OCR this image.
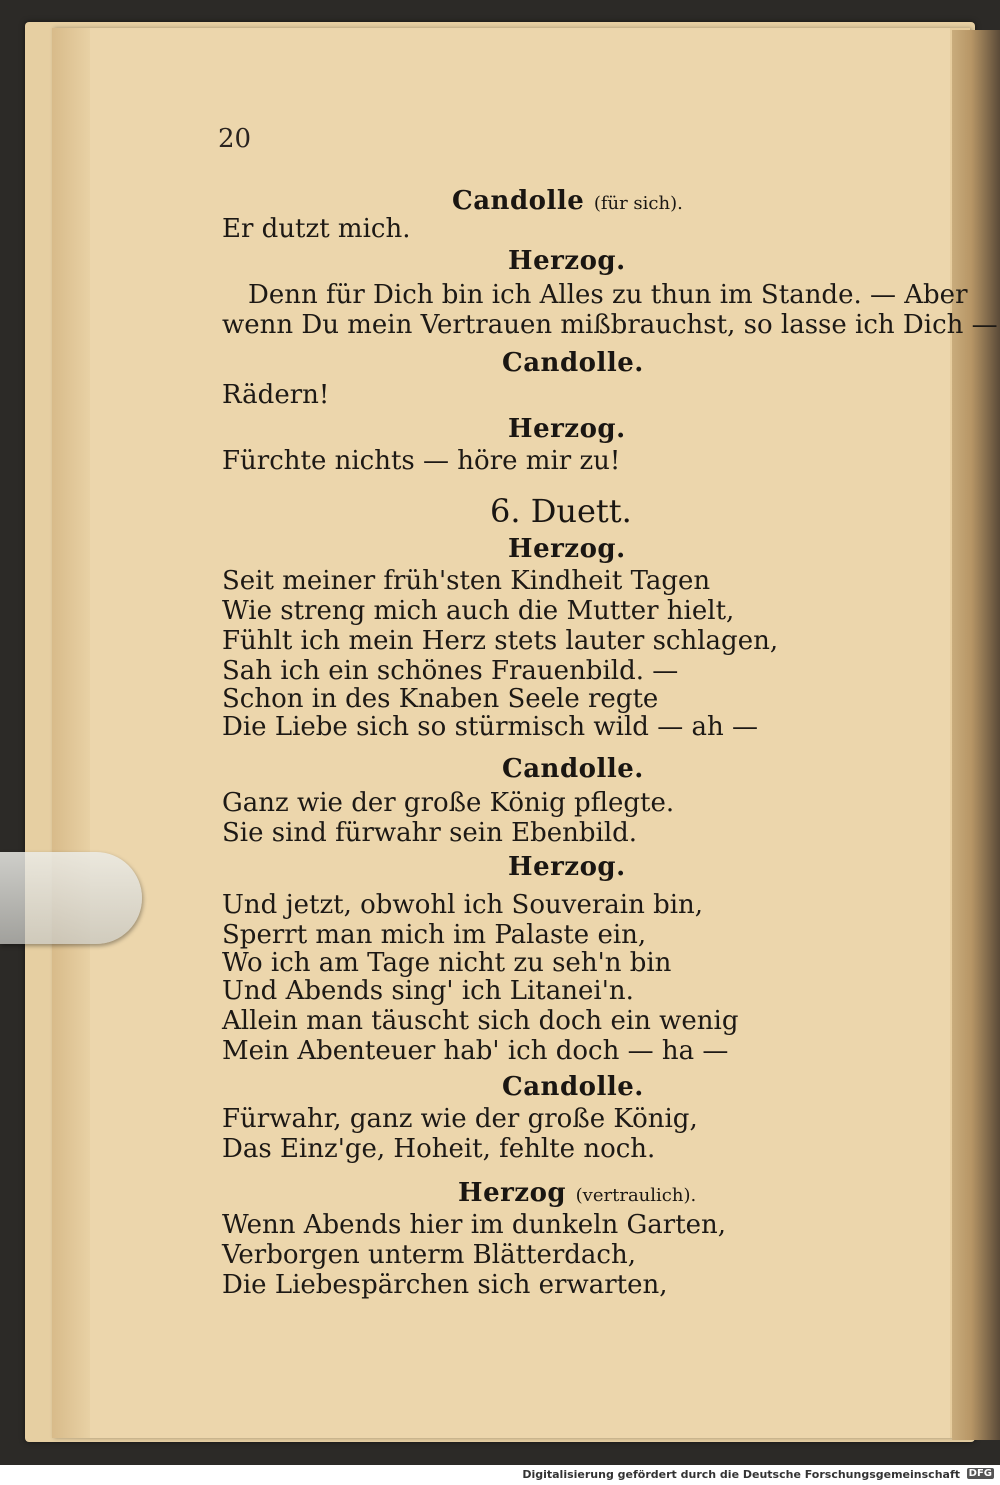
20
Candolle (für sich).
Er dutzt mich.
Herzog.
Denn für Dich bin ich Alles zu thun im Stande. — Aber
wenn Du mein Vertrauen mißbrauchst, so lasse ich Dich —
Candolle.
Rädern!
Herzog.
Fürchte nichts — höre mir zu!
6. Duett.
Herzog.
Seit meiner früh'sten Kindheit Tagen
Wie streng mich auch die Mutter hielt,
Fühlt ich mein Herz stets lauter schlagen,
Sah ich ein schönes Frauenbild. —
Schon in des Knaben Seele regte
Die Liebe sich so stürmisch wild — ah —
Candolle.
Ganz wie der große König pflegte.
Sie sind fürwahr sein Ebenbild.
Herzog.
Und jetzt, obwohl ich Souverain bin,
Sperrt man mich im Palaste ein,
Wo ich am Tage nicht zu seh'n bin
Und Abends sing' ich Litanei'n.
Allein man täuscht sich doch ein wenig
Mein Abenteuer hab' ich doch — ha —
Candolle.
Fürwahr, ganz wie der große König,
Das Einz'ge, Hoheit, fehlte noch.
Herzog (vertraulich).
Wenn Abends hier im dunkeln Garten,
Verborgen unterm Blätterdach,
Die Liebespärchen sich erwarten,
Digitalisierung gefördert durch die Deutsche Forschungsgemeinschaft DFG
